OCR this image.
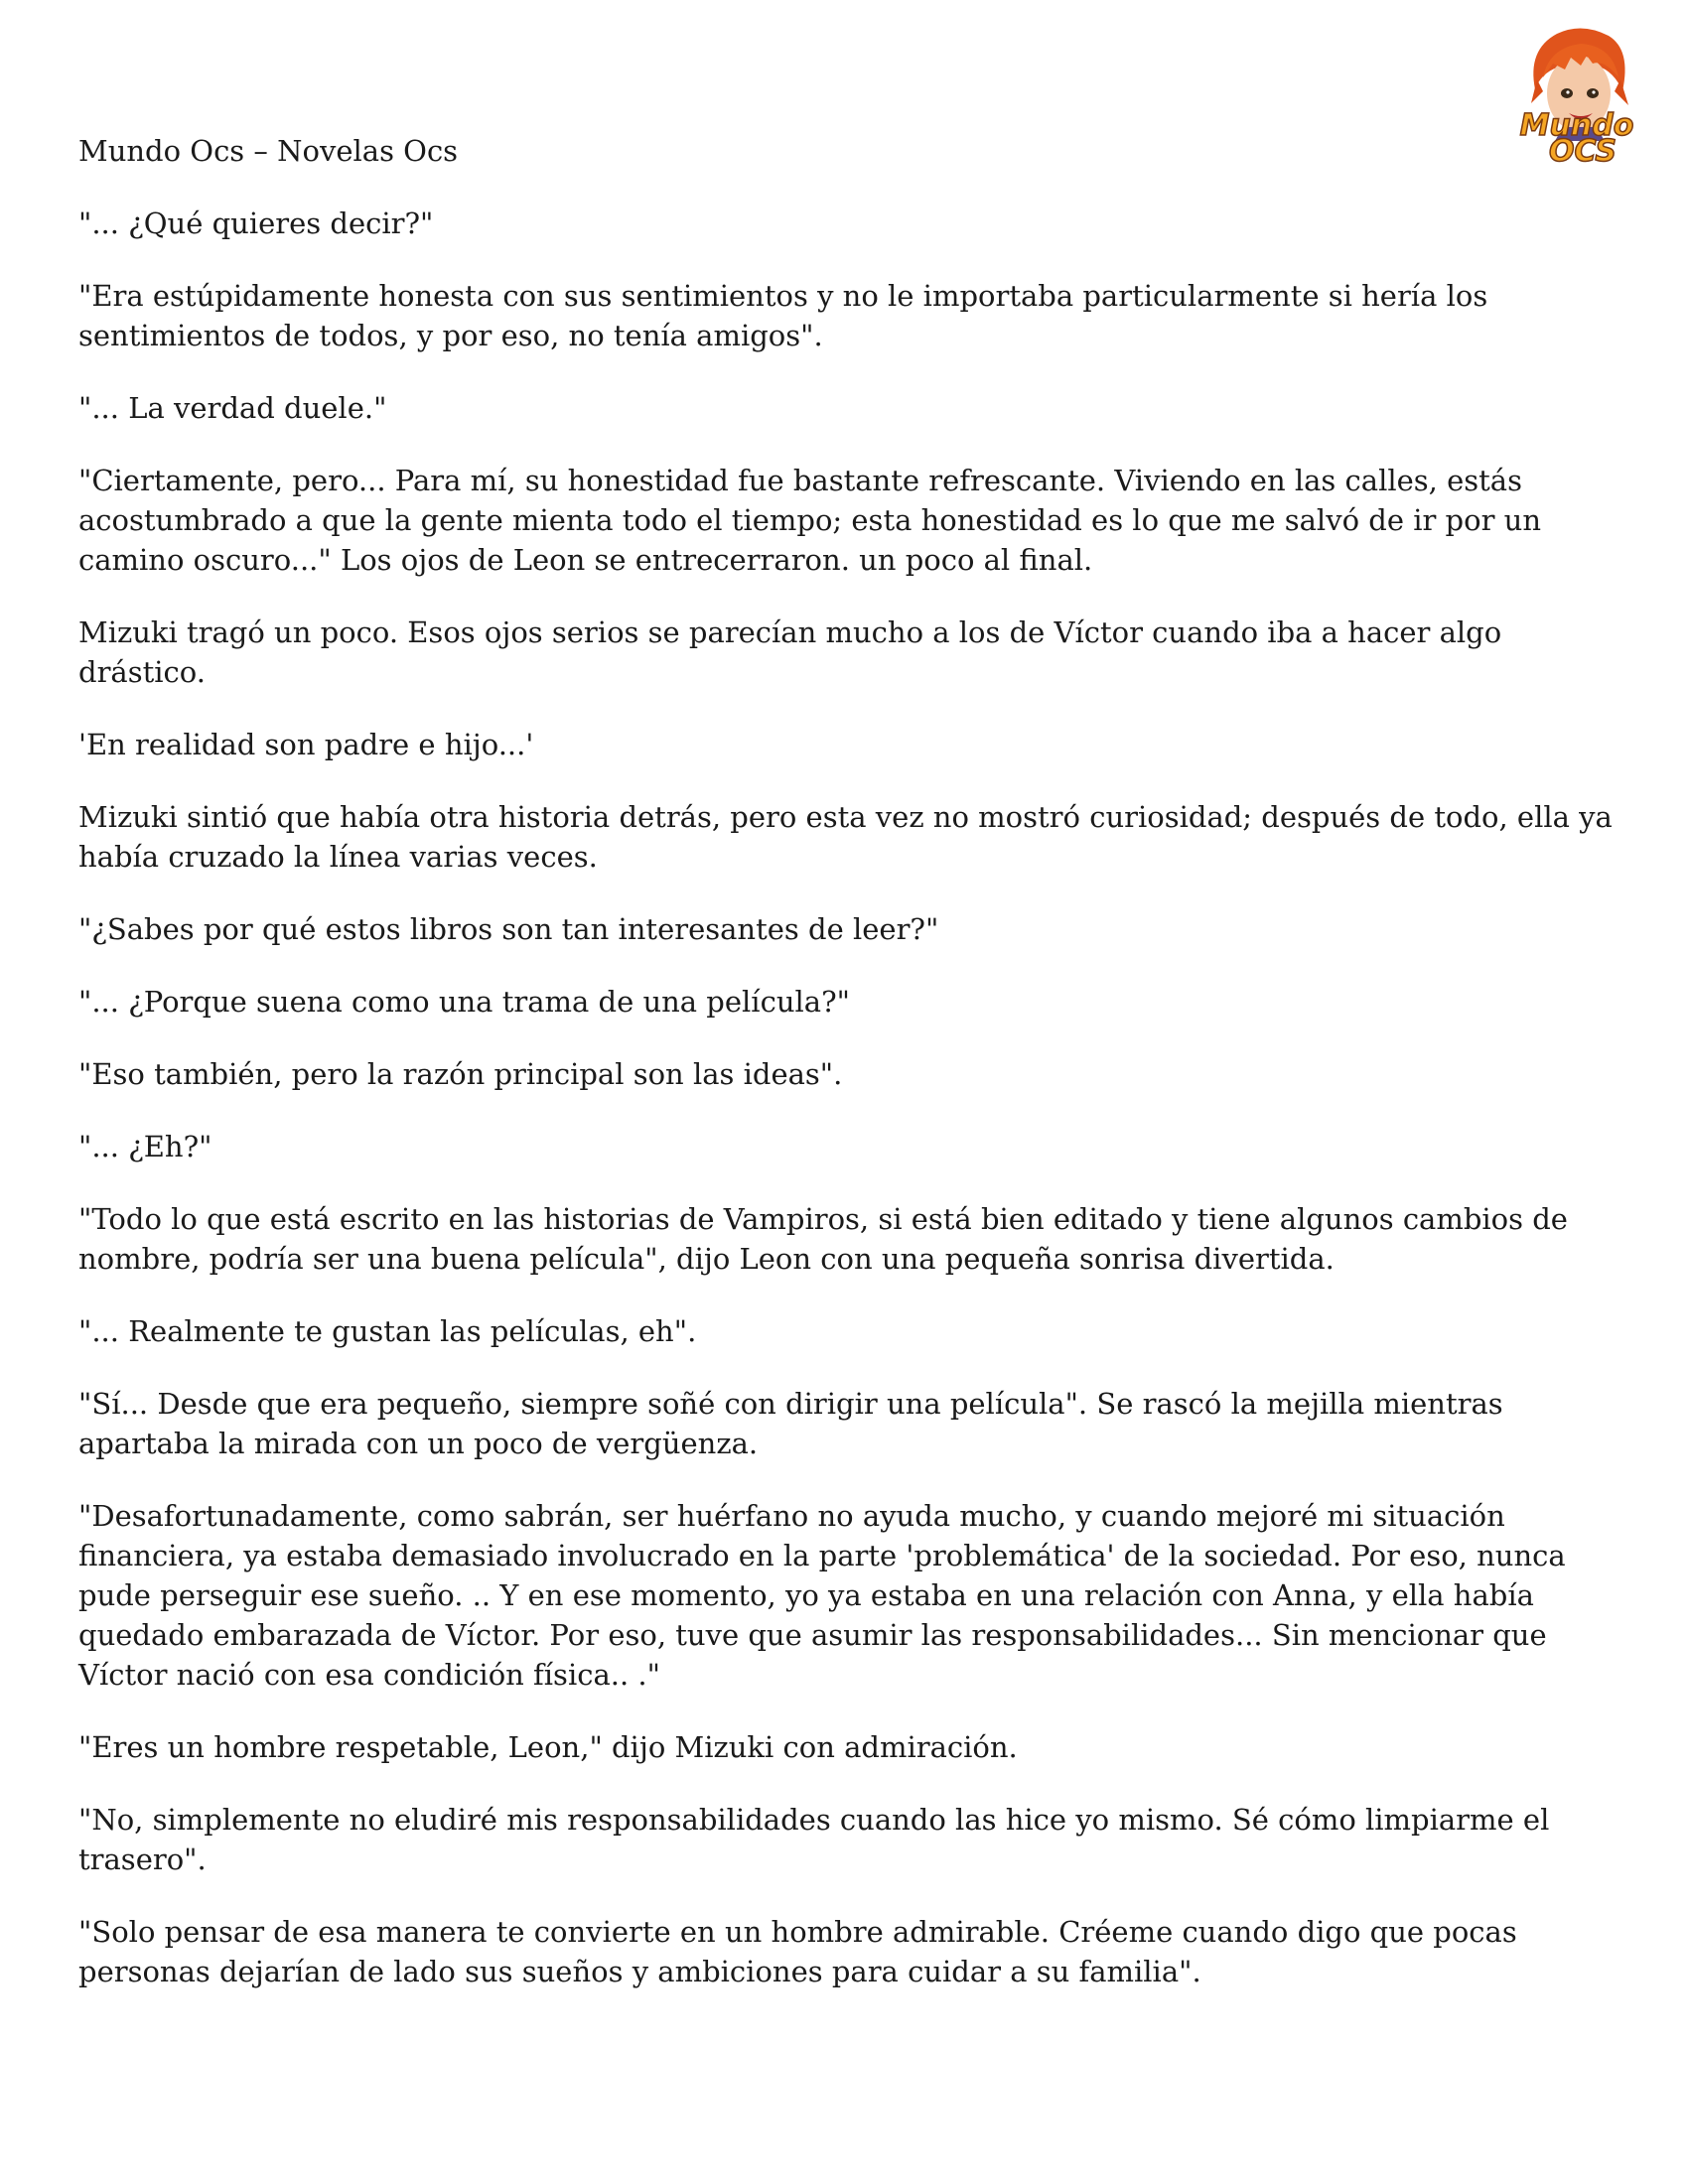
Mundo
OCS

Mundo Ocs – Novelas Ocs

"... ¿Qué quieres decir?"

"Era estúpidamente honesta con sus sentimientos y no le importaba particularmente si hería los sentimientos de todos, y por eso, no tenía amigos".

"... La verdad duele."

"Ciertamente, pero... Para mí, su honestidad fue bastante refrescante. Viviendo en las calles, estás acostumbrado a que la gente mienta todo el tiempo; esta honestidad es lo que me salvó de ir por un camino oscuro..." Los ojos de Leon se entrecerraron. un poco al final.

Mizuki tragó un poco. Esos ojos serios se parecían mucho a los de Víctor cuando iba a hacer algo drástico.

'En realidad son padre e hijo...'

Mizuki sintió que había otra historia detrás, pero esta vez no mostró curiosidad; después de todo, ella ya había cruzado la línea varias veces.

"¿Sabes por qué estos libros son tan interesantes de leer?"

"... ¿Porque suena como una trama de una película?"

"Eso también, pero la razón principal son las ideas".

"... ¿Eh?"

"Todo lo que está escrito en las historias de Vampiros, si está bien editado y tiene algunos cambios de nombre, podría ser una buena película", dijo Leon con una pequeña sonrisa divertida.

"... Realmente te gustan las películas, eh".

"Sí... Desde que era pequeño, siempre soñé con dirigir una película". Se rascó la mejilla mientras apartaba la mirada con un poco de vergüenza.

"Desafortunadamente, como sabrán, ser huérfano no ayuda mucho, y cuando mejoré mi situación financiera, ya estaba demasiado involucrado en la parte 'problemática' de la sociedad. Por eso, nunca pude perseguir ese sueño. .. Y en ese momento, yo ya estaba en una relación con Anna, y ella había quedado embarazada de Víctor. Por eso, tuve que asumir las responsabilidades... Sin mencionar que Víctor nació con esa condición física.. ."

"Eres un hombre respetable, Leon," dijo Mizuki con admiración.

"No, simplemente no eludiré mis responsabilidades cuando las hice yo mismo. Sé cómo limpiarme el trasero".

"Solo pensar de esa manera te convierte en un hombre admirable. Créeme cuando digo que pocas personas dejarían de lado sus sueños y ambiciones para cuidar a su familia".
